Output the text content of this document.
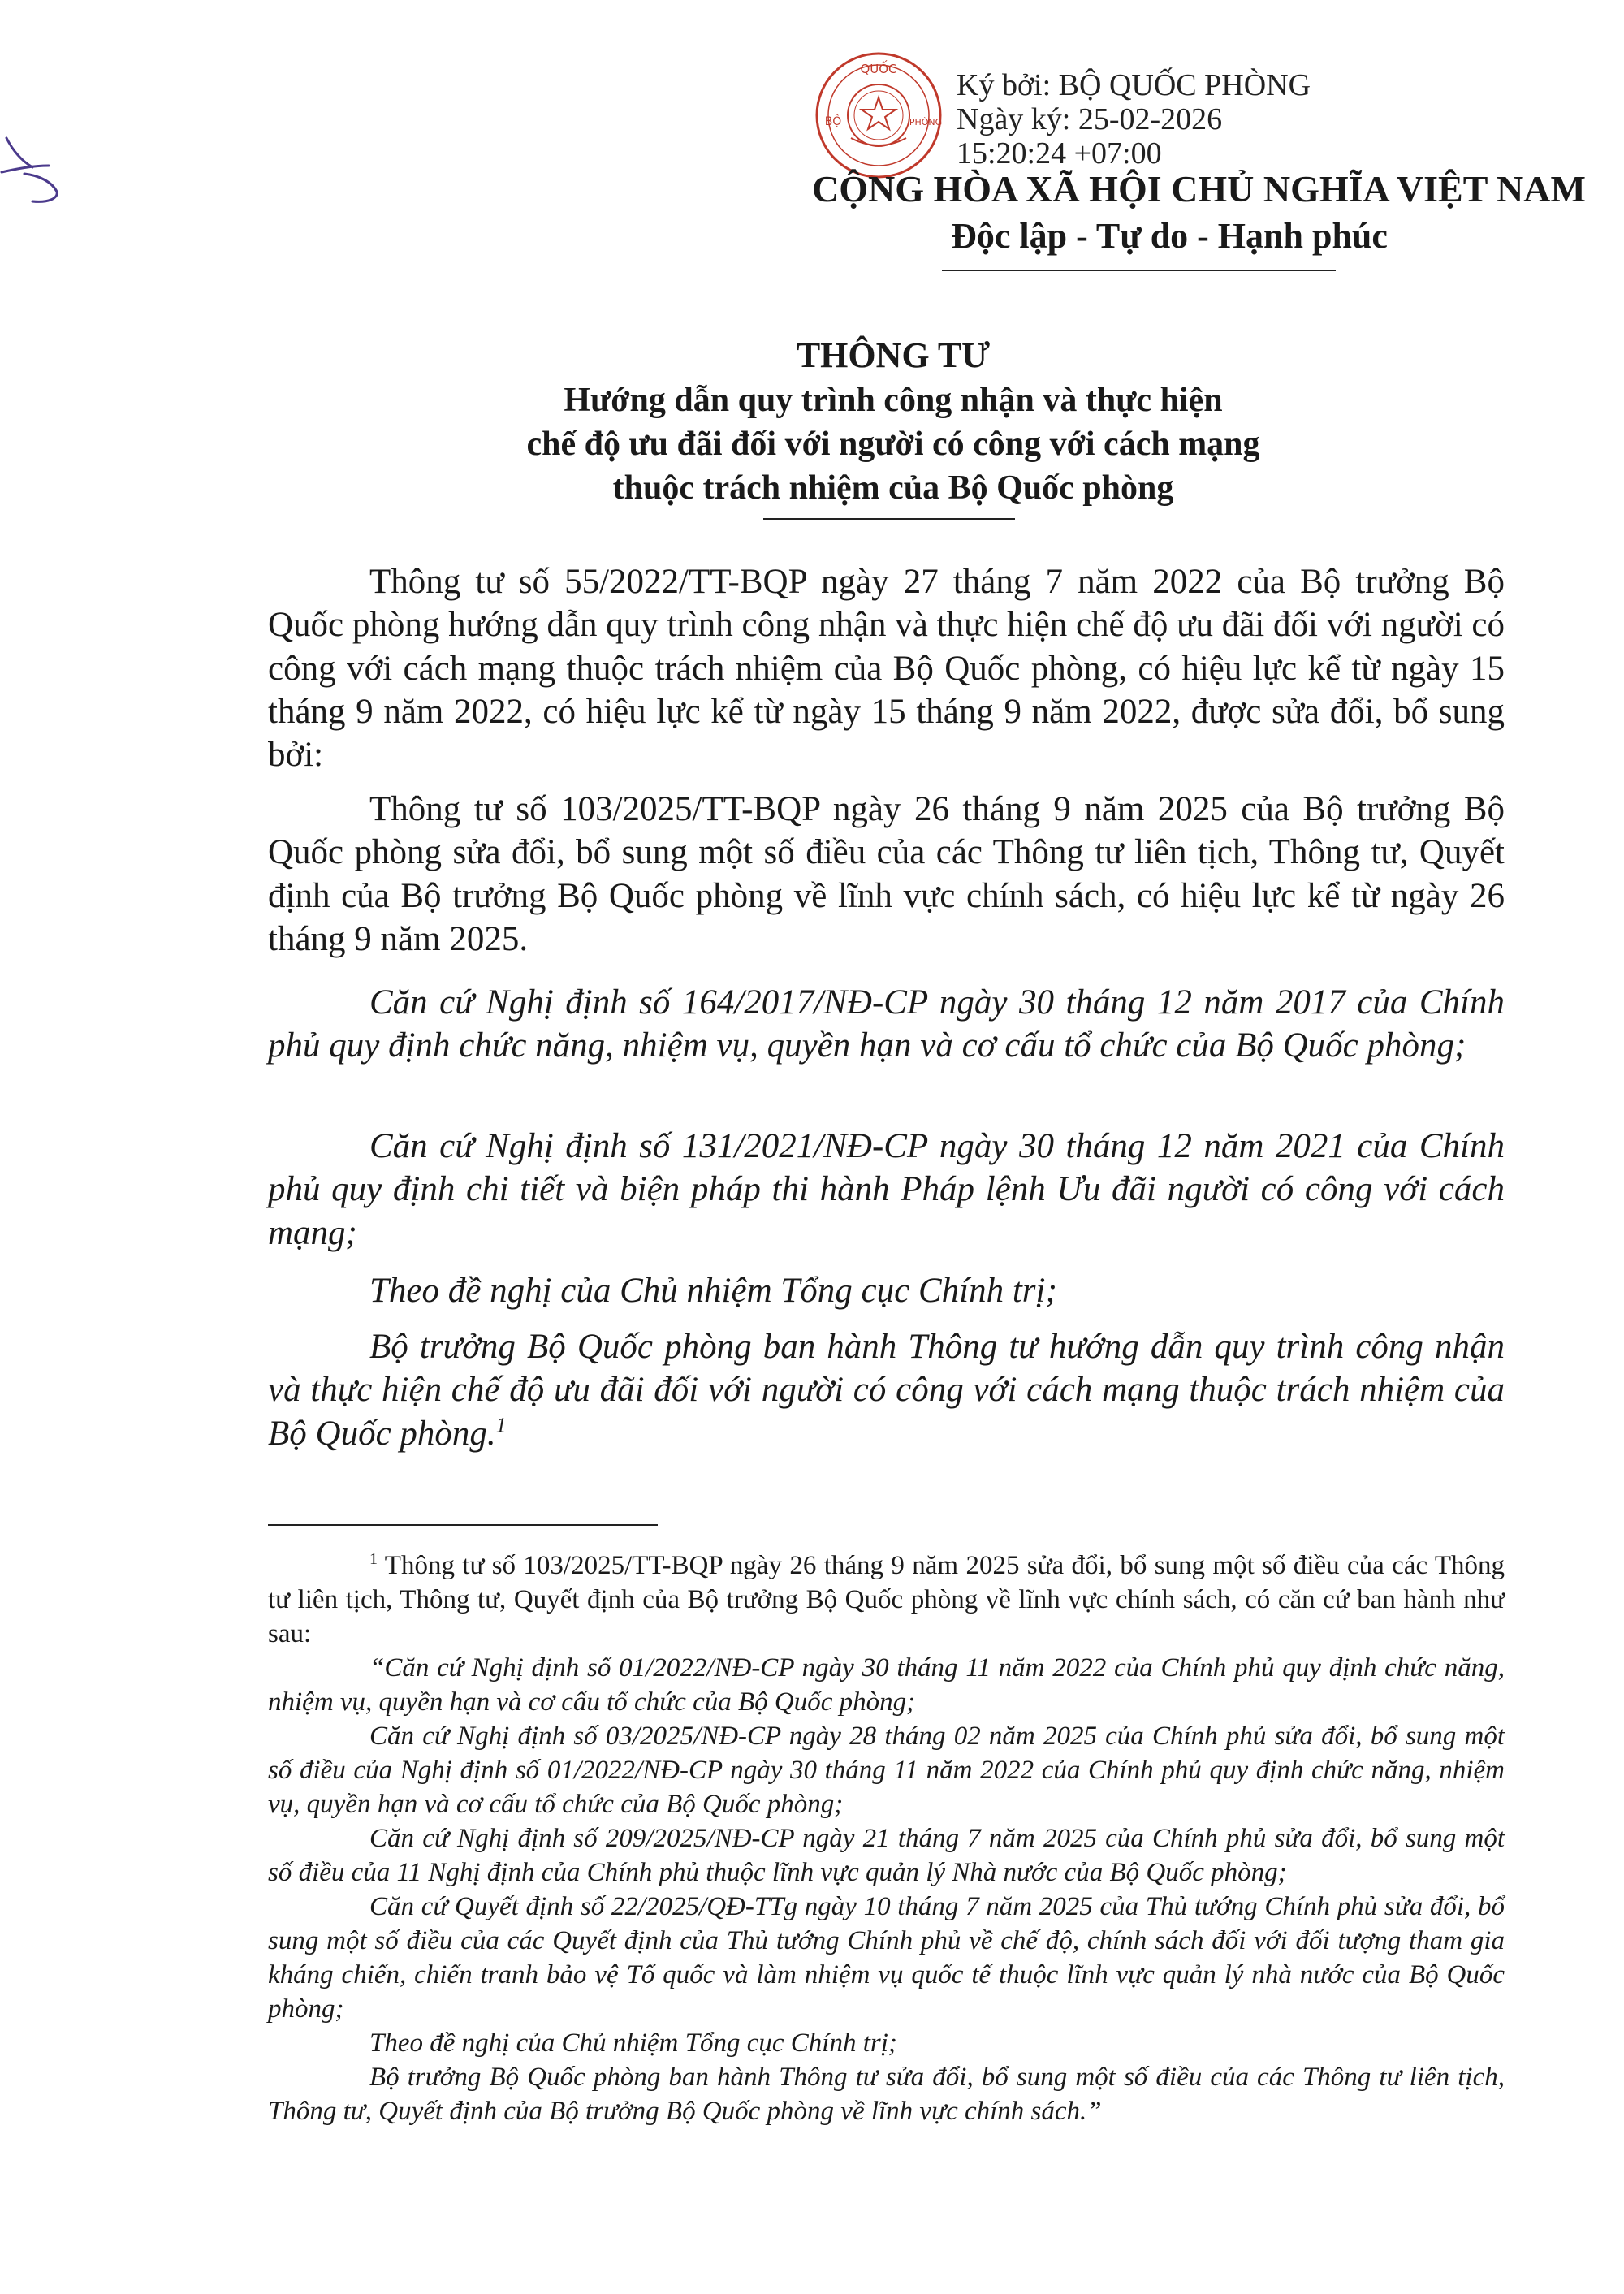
QUỐC
BỘ	PHÒNG
Ký bởi: BỘ QUỐC PHÒNG
Ngày ký: 25-02-2026
15:20:24 +07:00
CỘNG HÒA XÃ HỘI CHỦ NGHĨA VIỆT NAM
Độc lập - Tự do - Hạnh phúc
THÔNG TƯ
Hướng dẫn quy trình công nhận và thực hiện
chế độ ưu đãi đối với người có công với cách mạng
thuộc trách nhiệm của Bộ Quốc phòng
Thông tư số 55/2022/TT-BQP ngày 27 tháng 7 năm 2022 của Bộ trưởng Bộ Quốc phòng hướng dẫn quy trình công nhận và thực hiện chế độ ưu đãi đối với người có công với cách mạng thuộc trách nhiệm của Bộ Quốc phòng, có hiệu lực kể từ ngày 15 tháng 9 năm 2022, có hiệu lực kể từ ngày 15 tháng 9 năm 2022, được sửa đổi, bổ sung bởi:
Thông tư số 103/2025/TT-BQP ngày 26 tháng 9 năm 2025 của Bộ trưởng Bộ Quốc phòng sửa đổi, bổ sung một số điều của các Thông tư liên tịch, Thông tư, Quyết định của Bộ trưởng Bộ Quốc phòng về lĩnh vực chính sách, có hiệu lực kể từ ngày 26 tháng 9 năm 2025.
Căn cứ Nghị định số 164/2017/NĐ-CP ngày 30 tháng 12 năm 2017 của Chính phủ quy định chức năng, nhiệm vụ, quyền hạn và cơ cấu tổ chức của Bộ Quốc phòng;
Căn cứ Nghị định số 131/2021/NĐ-CP ngày 30 tháng 12 năm 2021 của Chính phủ quy định chi tiết và biện pháp thi hành Pháp lệnh Ưu đãi người có công với cách mạng;
Theo đề nghị của Chủ nhiệm Tổng cục Chính trị;
Bộ trưởng Bộ Quốc phòng ban hành Thông tư hướng dẫn quy trình công nhận và thực hiện chế độ ưu đãi đối với người có công với cách mạng thuộc trách nhiệm của Bộ Quốc phòng.$^1$
$^1$ Thông tư số 103/2025/TT-BQP ngày 26 tháng 9 năm 2025 sửa đổi, bổ sung một số điều của các Thông tư liên tịch, Thông tư, Quyết định của Bộ trưởng Bộ Quốc phòng về lĩnh vực chính sách, có căn cứ ban hành như sau:
“Căn cứ Nghị định số 01/2022/NĐ-CP ngày 30 tháng 11 năm 2022 của Chính phủ quy định chức năng, nhiệm vụ, quyền hạn và cơ cấu tổ chức của Bộ Quốc phòng;
Căn cứ Nghị định số 03/2025/NĐ-CP ngày 28 tháng 02 năm 2025 của Chính phủ sửa đổi, bổ sung một số điều của Nghị định số 01/2022/NĐ-CP ngày 30 tháng 11 năm 2022 của Chính phủ quy định chức năng, nhiệm vụ, quyền hạn và cơ cấu tổ chức của Bộ Quốc phòng;
Căn cứ Nghị định số 209/2025/NĐ-CP ngày 21 tháng 7 năm 2025 của Chính phủ sửa đổi, bổ sung một số điều của 11 Nghị định của Chính phủ thuộc lĩnh vực quản lý Nhà nước của Bộ Quốc phòng;
Căn cứ Quyết định số 22/2025/QĐ-TTg ngày 10 tháng 7 năm 2025 của Thủ tướng Chính phủ sửa đổi, bổ sung một số điều của các Quyết định của Thủ tướng Chính phủ về chế độ, chính sách đối với đối tượng tham gia kháng chiến, chiến tranh bảo vệ Tổ quốc và làm nhiệm vụ quốc tế thuộc lĩnh vực quản lý nhà nước của Bộ Quốc phòng;
Theo đề nghị của Chủ nhiệm Tổng cục Chính trị;
Bộ trưởng Bộ Quốc phòng ban hành Thông tư sửa đổi, bổ sung một số điều của các Thông tư liên tịch, Thông tư, Quyết định của Bộ trưởng Bộ Quốc phòng về lĩnh vực chính sách.”
